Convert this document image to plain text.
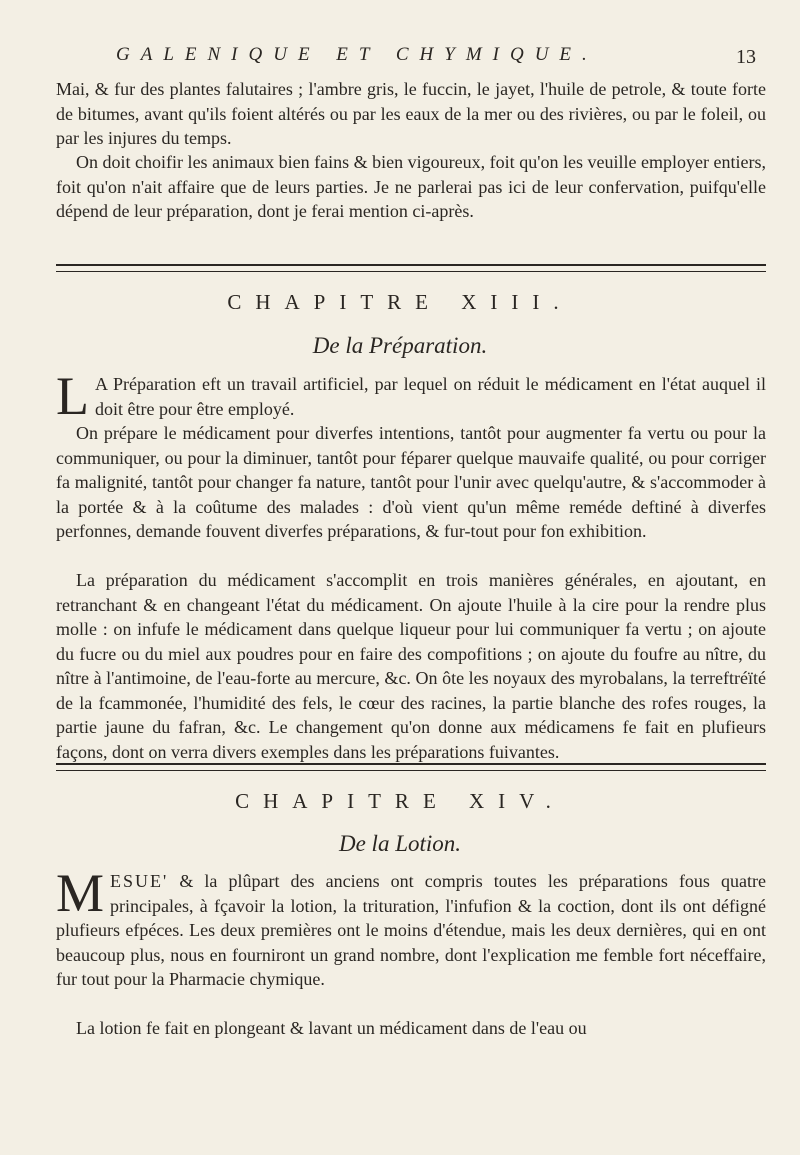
GALENIQUE ET CHYMIQUE.	13

Mai, & fur des plantes falutaires ; l'ambre gris, le fuccin, le jayet, l'huile de petrole, & toute forte de bitumes, avant qu'ils foient altérés ou par les eaux de la mer ou des rivières, ou par le foleil, ou par les injures du temps.

On doit choifir les animaux bien fains & bien vigoureux, foit qu'on les veuille employer entiers, foit qu'on n'ait affaire que de leurs parties. Je ne parlerai pas ici de leur confervation, puifqu'elle dépend de leur préparation, dont je ferai mention ci-après.

CHAPITRE XIII.
De la Préparation.

L A Préparation eft un travail artificiel, par lequel on réduit le médicament en l'état auquel il doit être pour être employé.

On prépare le médicament pour diverfes intentions, tantôt pour augmenter fa vertu ou pour la communiquer, ou pour la diminuer, tantôt pour féparer quelque mauvaife qualité, ou pour corriger fa malignité, tantôt pour changer fa nature, tantôt pour l'unir avec quelqu'autre, & s'accommoder à la portée & à la coûtume des malades : d'où vient qu'un même reméde deftiné à diverfes perfonnes, demande fouvent diverfes préparations, & fur-tout pour fon exhibition.

La préparation du médicament s'accomplit en trois manières générales, en ajoutant, en retranchant & en changeant l'état du médicament. On ajoute l'huile à la cire pour la rendre plus molle : on infufe le médicament dans quelque liqueur pour lui communiquer fa vertu ; on ajoute du fucre ou du miel aux poudres pour en faire des compofitions ; on ajoute du foufre au nître, du nître à l'antimoine, de l'eau-forte au mercure, &c. On ôte les noyaux des myrobalans, la terreftréïté de la fcammonée, l'humidité des fels, le cœur des racines, la partie blanche des rofes rouges, la partie jaune du fafran, &c. Le changement qu'on donne aux médicamens fe fait en plufieurs façons, dont on verra divers exemples dans les préparations fuivantes.

CHAPITRE XIV.
De la Lotion.

MESUE' & la plûpart des anciens ont compris toutes les préparations fous quatre principales, à fçavoir la lotion, la trituration, l'infufion & la coction, dont ils ont défigné plufieurs efpéces. Les deux premières ont le moins d'étendue, mais les deux dernières, qui en ont beaucoup plus, nous en fourniront un grand nombre, dont l'explication me femble fort néceffaire, fur tout pour la Pharmacie chymique.

La lotion fe fait en plongeant & lavant un médicament dans de l'eau ou
